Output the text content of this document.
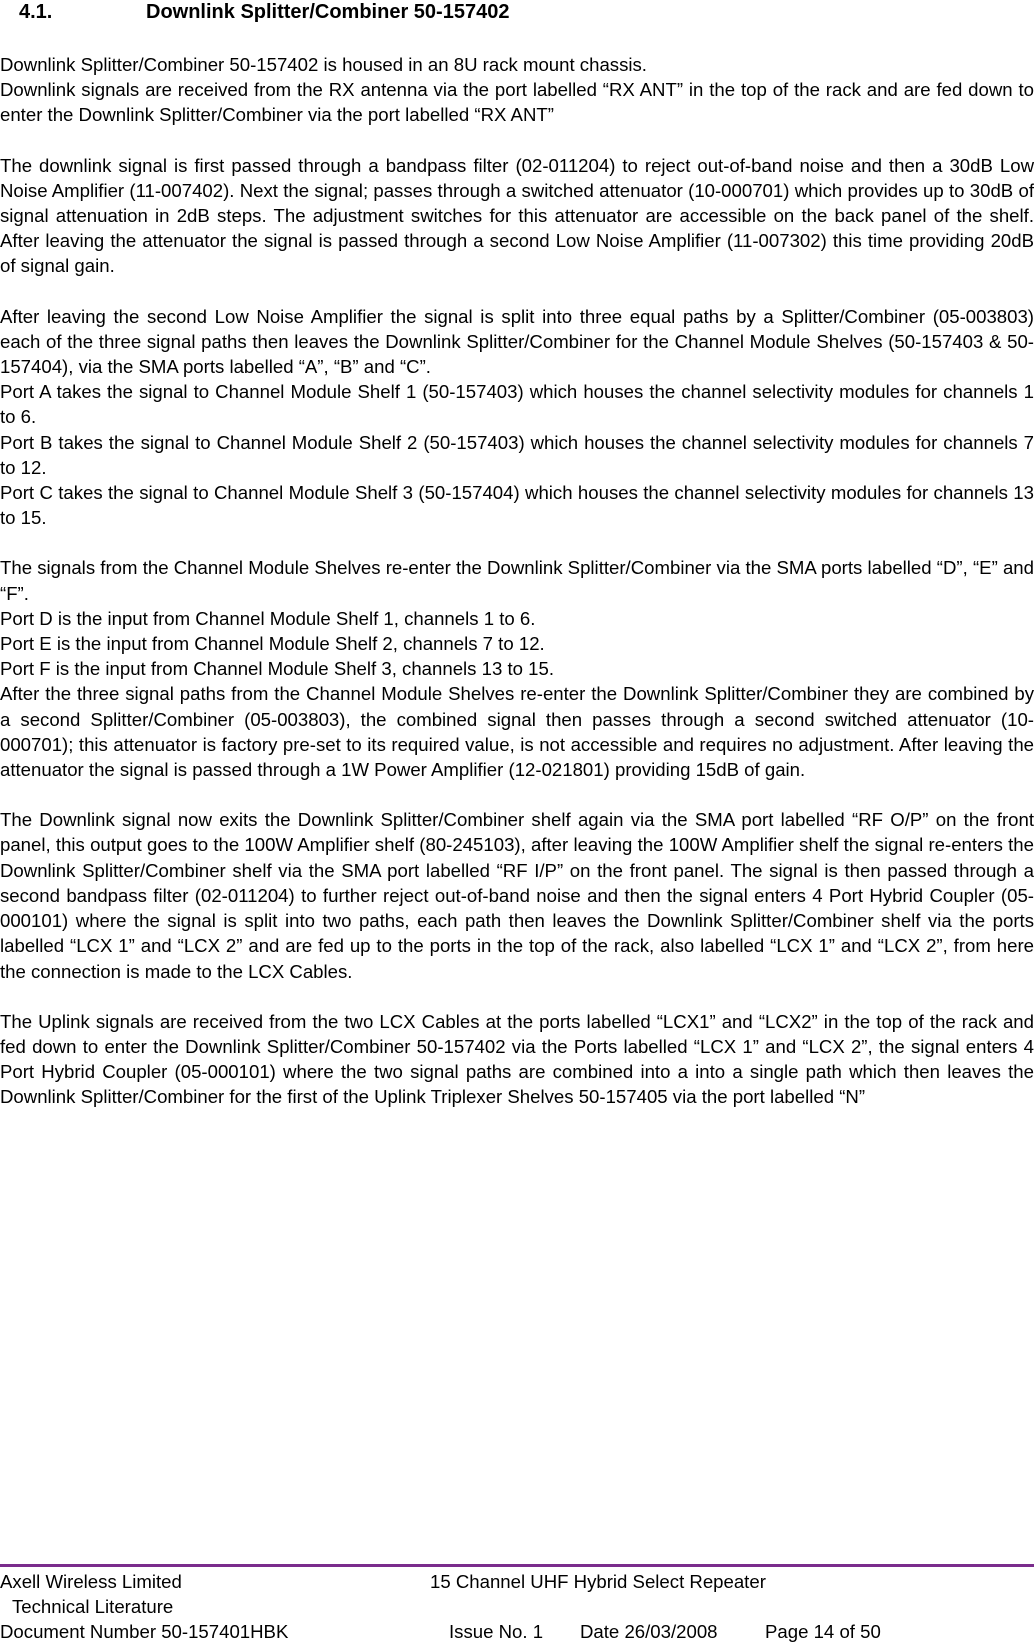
4.1.	Downlink Splitter/Combiner 50-157402

Downlink Splitter/Combiner 50-157402 is housed in an 8U rack mount chassis.

Downlink signals are received from the RX antenna via the port labelled “RX ANT” in the top of the rack and are fed down to enter the Downlink Splitter/Combiner via the port labelled “RX ANT”

The downlink signal is first passed through a bandpass filter (02-011204) to reject out-of-band noise and then a 30dB Low Noise Amplifier (11-007402). Next the signal; passes through a switched attenuator (10-000701) which provides up to 30dB of signal attenuation in 2dB steps. The adjustment switches for this attenuator are accessible on the back panel of the shelf. After leaving the attenuator the signal is passed through a second Low Noise Amplifier (11-007302) this time providing 20dB of signal gain.

After leaving the second Low Noise Amplifier the signal is split into three equal paths by a Splitter/Combiner (05-003803) each of the three signal paths then leaves the Downlink Splitter/Combiner for the Channel Module Shelves (50-157403 & 50-157404), via the SMA ports labelled “A”, “B” and “C”.

Port A takes the signal to Channel Module Shelf 1 (50-157403) which houses the channel selectivity modules for channels 1 to 6.

Port B takes the signal to Channel Module Shelf 2 (50-157403) which houses the channel selectivity modules for channels 7 to 12.

Port C takes the signal to Channel Module Shelf 3 (50-157404) which houses the channel selectivity modules for channels 13 to 15.

The signals from the Channel Module Shelves re-enter the Downlink Splitter/Combiner via the SMA ports labelled “D”, “E” and “F”.

Port D is the input from Channel Module Shelf 1, channels 1 to 6.

Port E is the input from Channel Module Shelf 2, channels 7 to 12.

Port F is the input from Channel Module Shelf 3, channels 13 to 15.

After the three signal paths from the Channel Module Shelves re-enter the Downlink Splitter/Combiner they are combined by a second Splitter/Combiner (05-003803), the combined signal then passes through a second switched attenuator (10-000701); this attenuator is factory pre-set to its required value, is not accessible and requires no adjustment. After leaving the attenuator the signal is passed through a 1W Power Amplifier (12-021801) providing 15dB of gain.

The Downlink signal now exits the Downlink Splitter/Combiner shelf again via the SMA port labelled “RF O/P” on the front panel, this output goes to the 100W Amplifier shelf (80-245103), after leaving the 100W Amplifier shelf the signal re-enters the Downlink Splitter/Combiner shelf via the SMA port labelled “RF I/P” on the front panel. The signal is then passed through a second bandpass filter (02-011204) to further reject out-of-band noise and then the signal enters 4 Port Hybrid Coupler (05-000101) where the signal is split into two paths, each path then leaves the Downlink Splitter/Combiner shelf via the ports labelled “LCX 1” and “LCX 2” and are fed up to the ports in the top of the rack, also labelled “LCX 1” and “LCX 2”, from here the connection is made to the LCX Cables.

The Uplink signals are received from the two LCX Cables at the ports labelled “LCX1” and “LCX2” in the top of the rack and fed down to enter the Downlink Splitter/Combiner 50-157402 via the Ports labelled “LCX 1” and “LCX 2”, the signal enters 4 Port Hybrid Coupler (05-000101) where the two signal paths are combined into a into a single path which then leaves the Downlink Splitter/Combiner for the first of the Uplink Triplexer Shelves 50-157405 via the port labelled “N”

Axell Wireless Limited	15 Channel UHF Hybrid Select Repeater
Technical Literature
Document Number 50-157401HBK	Issue No. 1 Date 26/03/2008	Page 14 of 50
